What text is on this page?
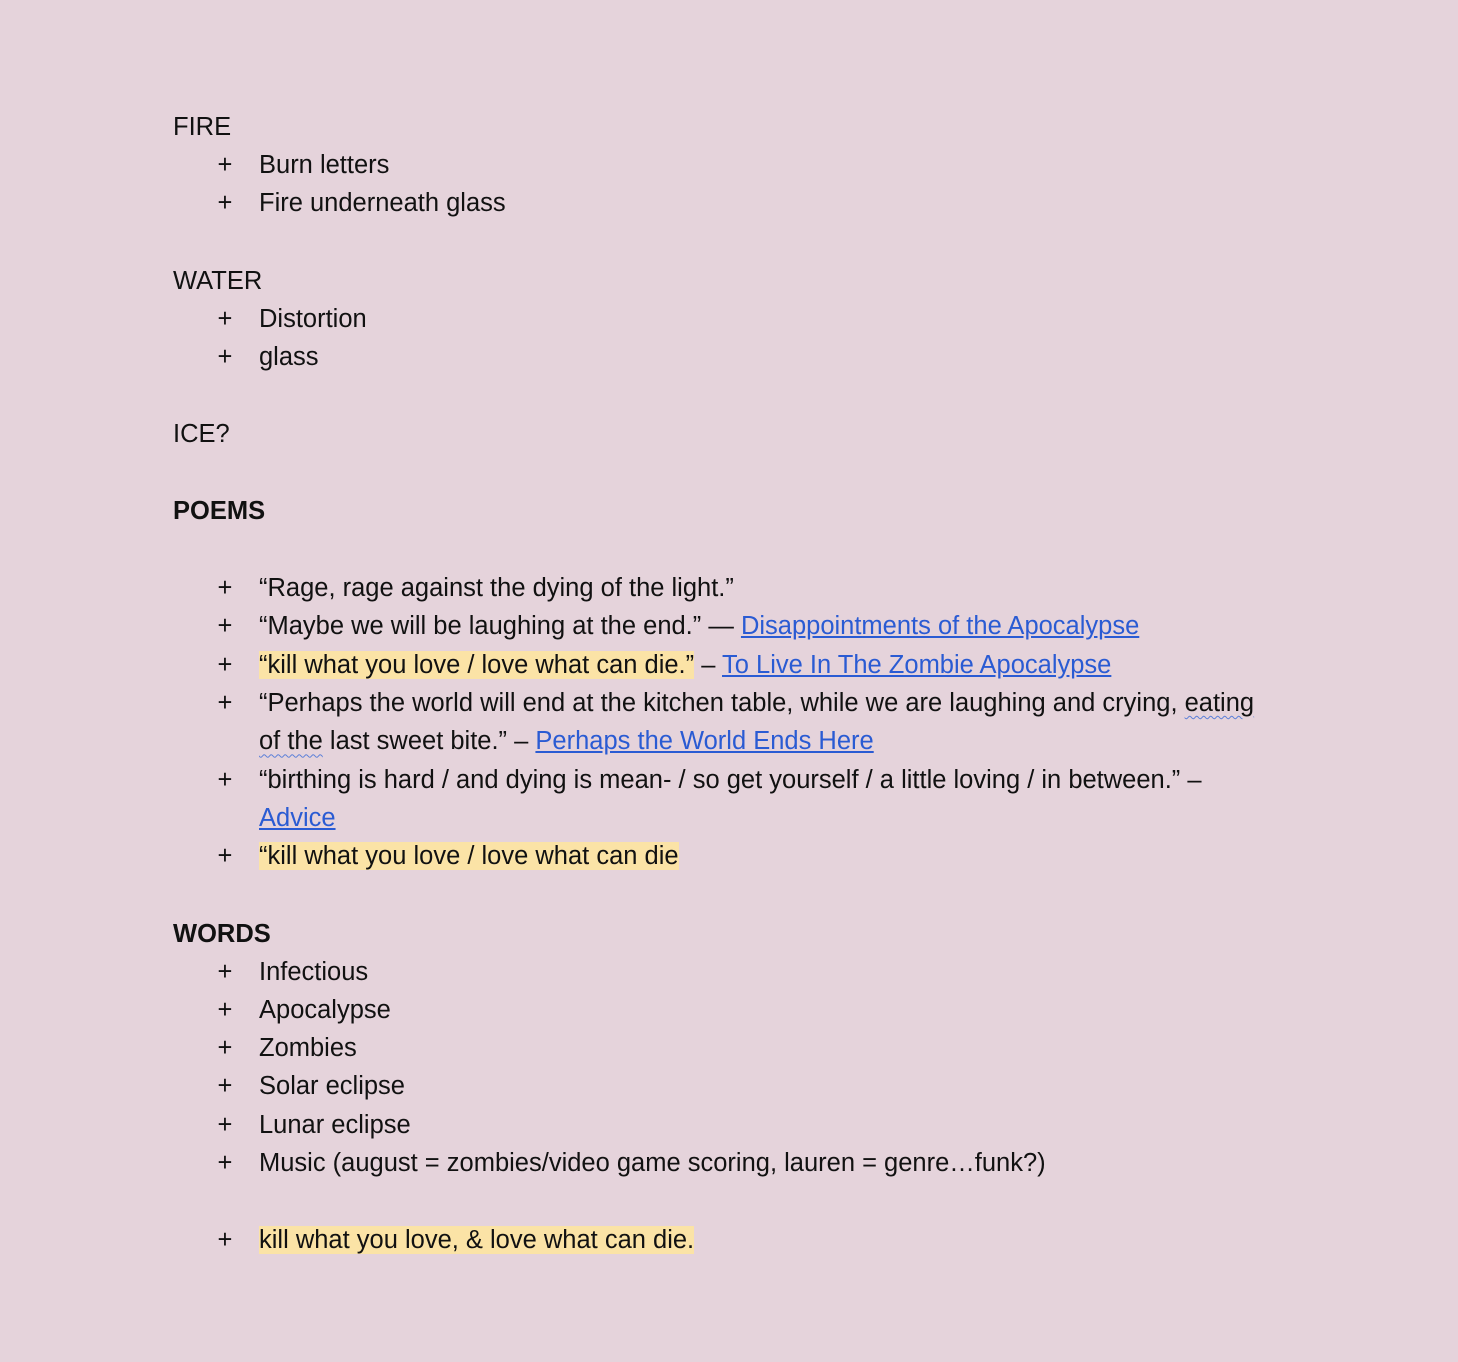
FIRE
+ Burn letters
+ Fire underneath glass
WATER
+ Distortion
+ glass
ICE?
POEMS
+ “Rage, rage against the dying of the light.”
+ “Maybe we will be laughing at the end.” — Disappointments of the Apocalypse
+ “kill what you love / love what can die.” – To Live In The Zombie Apocalypse
+ “Perhaps the world will end at the kitchen table, while we are laughing and crying, eating of the last sweet bite.” – Perhaps the World Ends Here
+ “birthing is hard / and dying is mean- / so get yourself / a little loving / in between.” – Advice
+ “kill what you love / love what can die
WORDS
+ Infectious
+ Apocalypse
+ Zombies
+ Solar eclipse
+ Lunar eclipse
+ Music (august = zombies/video game scoring, lauren = genre…funk?)
+ kill what you love, & love what can die.
